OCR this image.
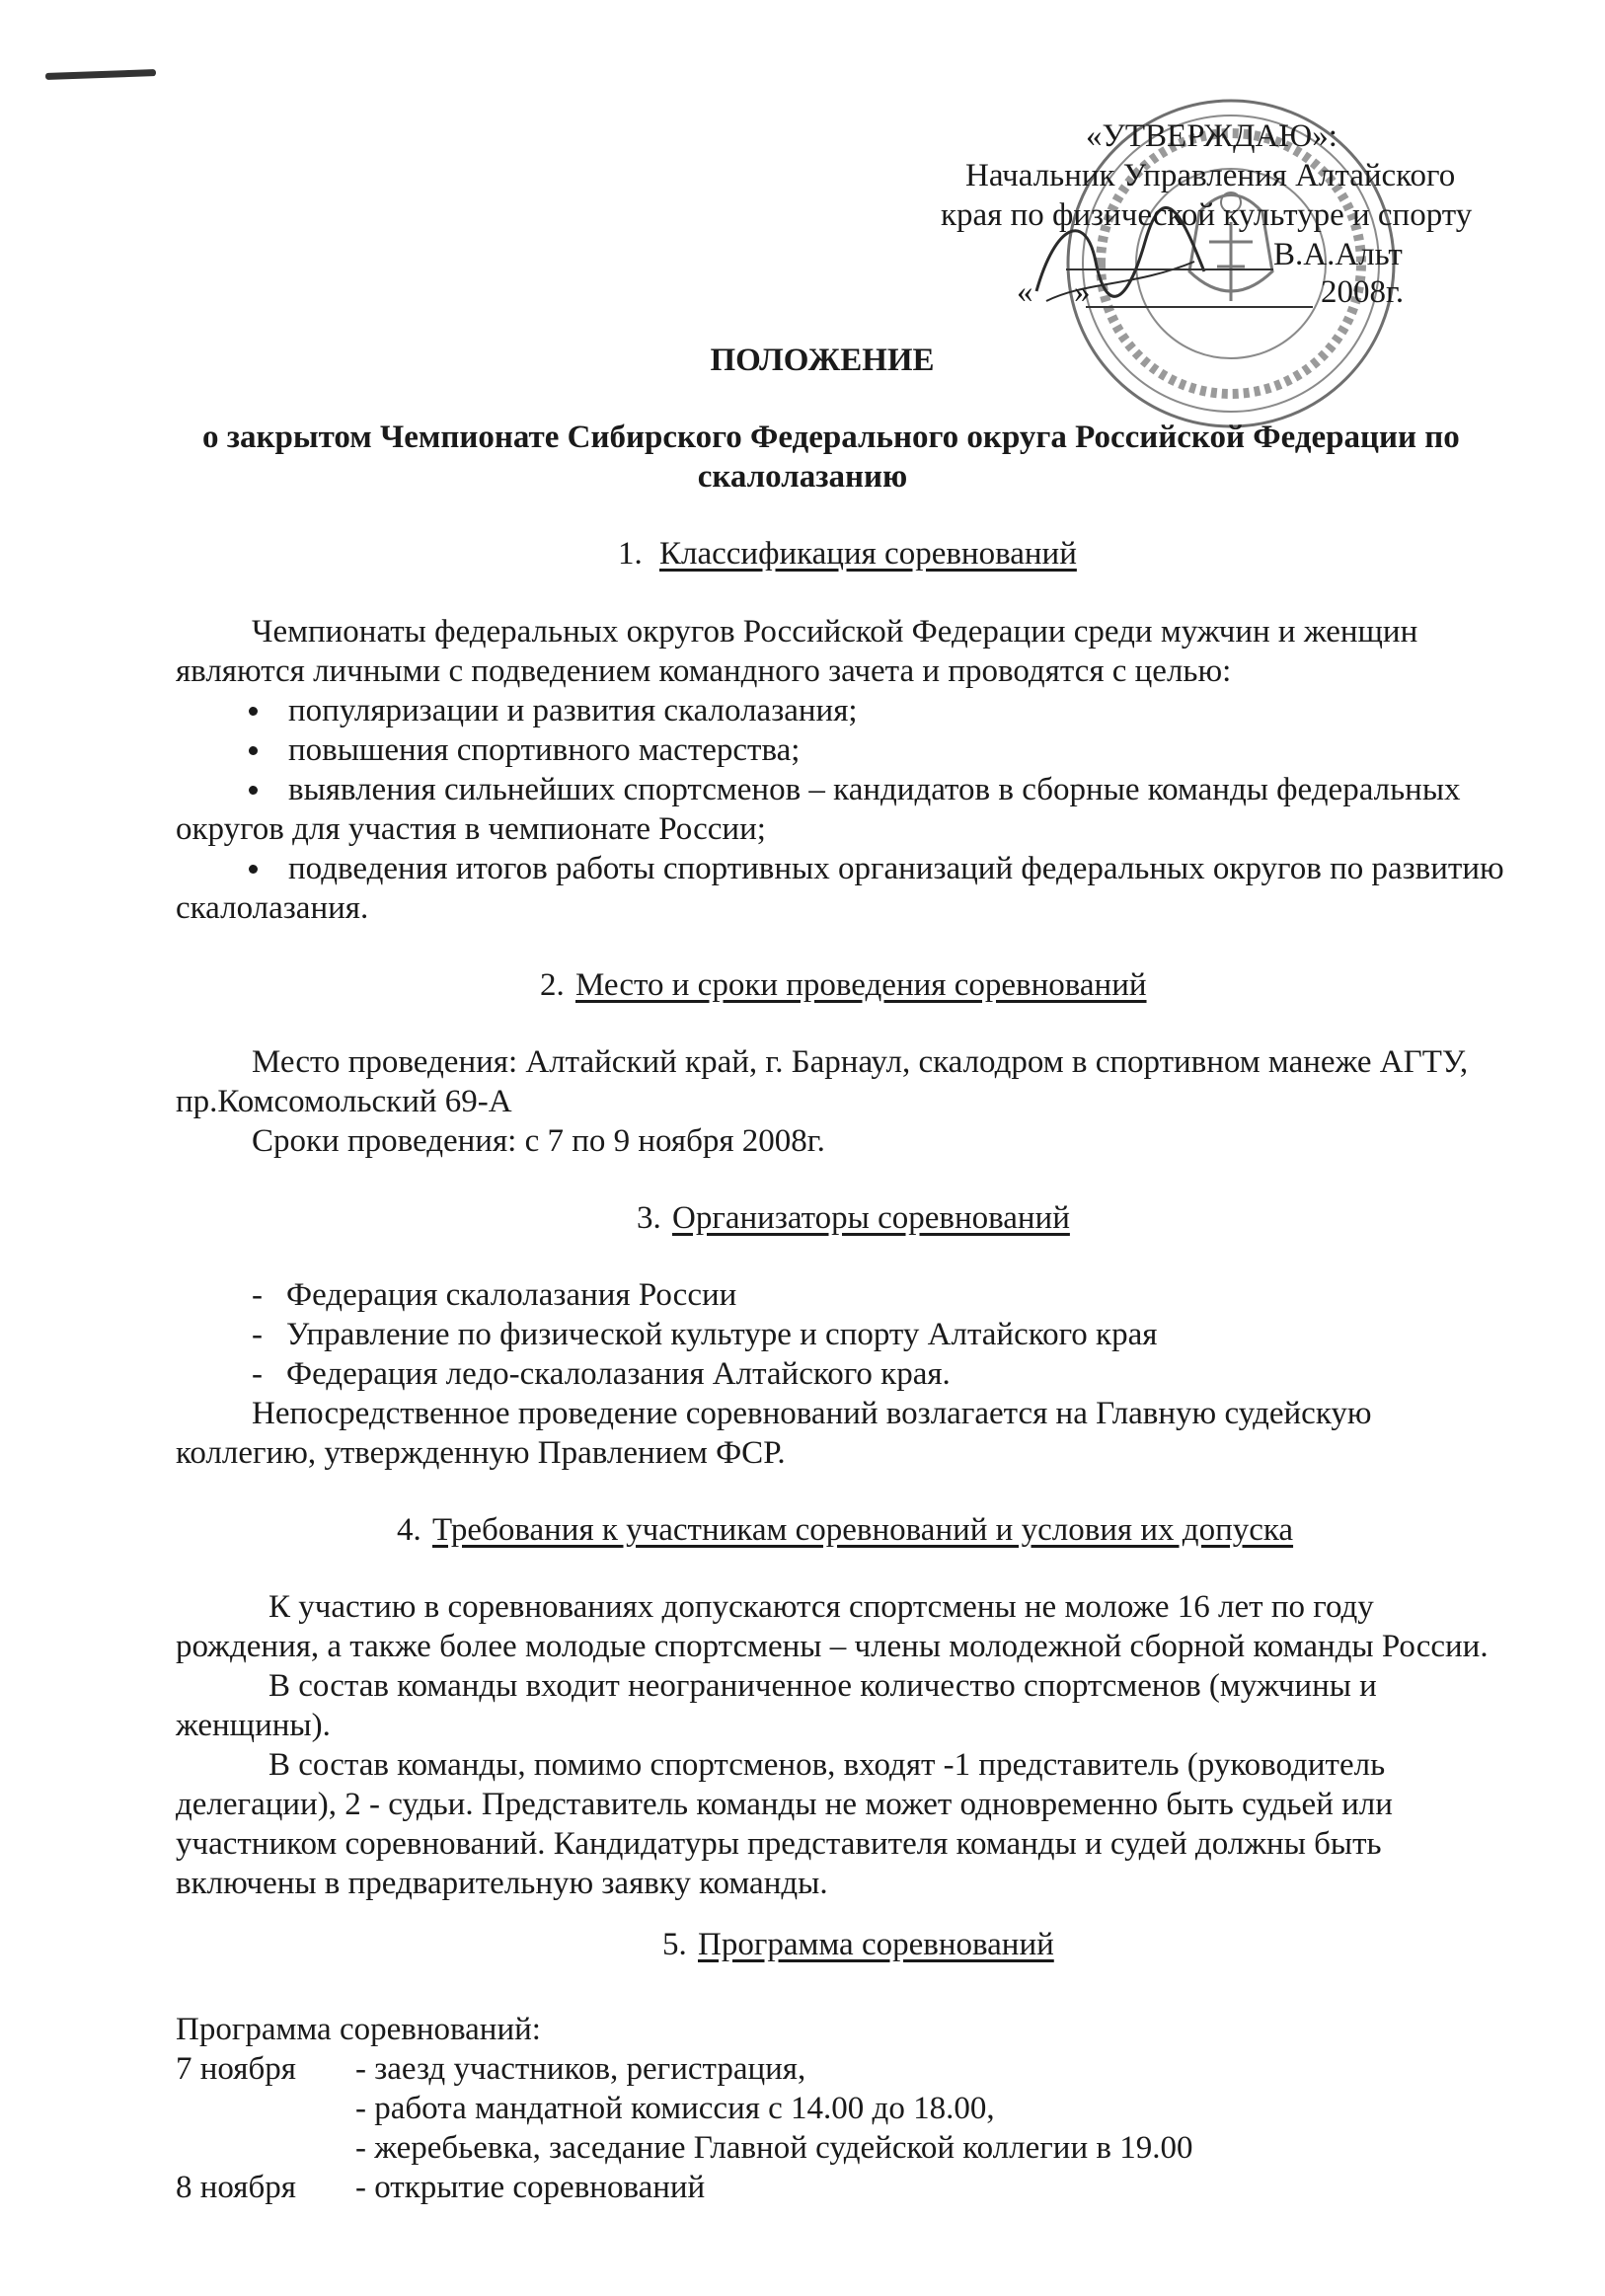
«УТВЕРЖДАЮ»:
Начальник Управления Алтайского
края по физической культуре и спорту
В.А.Альт
« »	2008г.
ПОЛОЖЕНИЕ
о закрытом Чемпионате Сибирского Федерального округа Российской Федерации по
скалолазанию
1. Классификация соревнований
Чемпионаты федеральных округов Российской Федерации среди мужчин и женщин
являются личными с подведением командного зачета и проводятся с целью:
популяризации и развития скалолазания;
повышения спортивного мастерства;
выявления сильнейших спортсменов – кандидатов в сборные команды федеральных
округов для участия в чемпионате России;
подведения итогов работы спортивных организаций федеральных округов по развитию
скалолазания.
2. Место и сроки проведения соревнований
Место проведения: Алтайский край, г. Барнаул, скалодром в спортивном манеже АГТУ,
пр.Комсомольский 69-А
Сроки проведения: с 7 по 9 ноября 2008г.
3. Организаторы соревнований
- Федерация скалолазания России
- Управление по физической культуре и спорту Алтайского края
- Федерация ледо-скалолазания Алтайского края.
Непосредственное проведение соревнований возлагается на Главную судейскую
коллегию, утвержденную Правлением ФСР.
4. Требования к участникам соревнований и условия их допуска
К участию в соревнованиях допускаются спортсмены не моложе 16 лет по году
рождения, а также более молодые спортсмены – члены молодежной сборной команды России.
В состав команды входит неограниченное количество спортсменов (мужчины и
женщины).
В состав команды, помимо спортсменов, входят -1 представитель (руководитель
делегации), 2 - судьи. Представитель команды не может одновременно быть судьей или
участником соревнований. Кандидатуры представителя команды и судей должны быть
включены в предварительную заявку команды.
5. Программа соревнований
Программа соревнований:
7 ноября - заезд участников, регистрация,
- работа мандатной комиссия с 14.00 до 18.00,
- жеребьевка, заседание Главной судейской коллегии в 19.00
8 ноября - открытие соревнований
